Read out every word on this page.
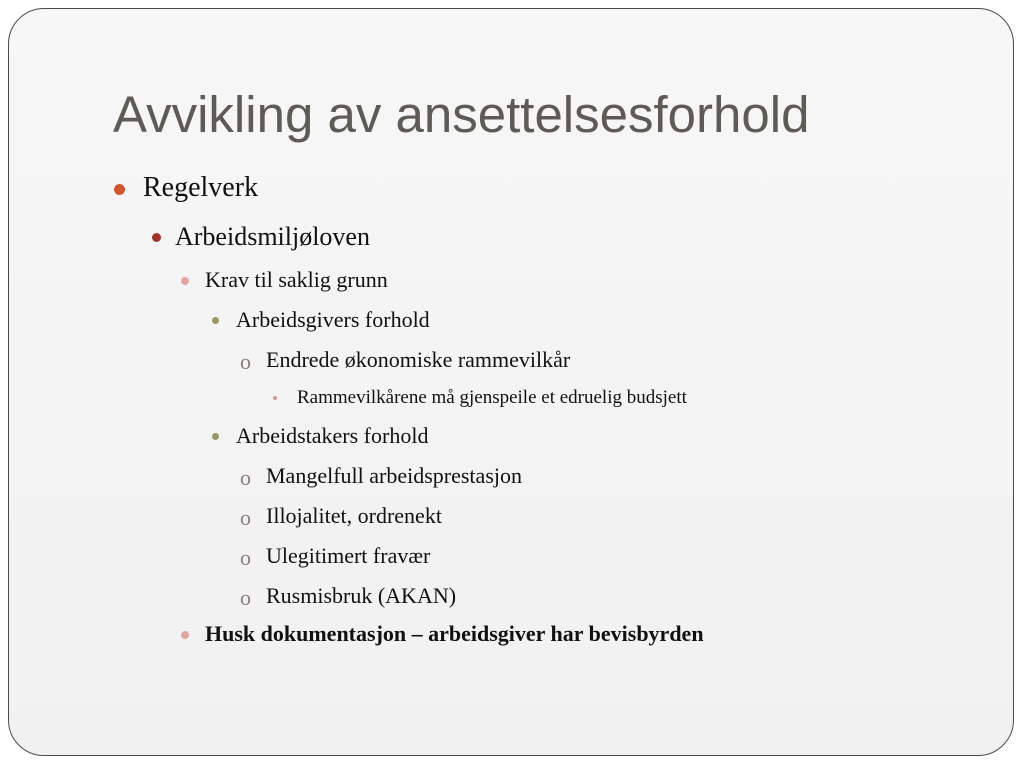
Avvikling av ansettelsesforhold
Regelverk
Arbeidsmiljøloven
Krav til saklig grunn
Arbeidsgivers forhold
o Endrede økonomiske rammevilkår
Rammevilkårene må gjenspeile et edruelig budsjett
Arbeidstakers forhold
o Mangelfull arbeidsprestasjon
o Illojalitet, ordrenekt
o Ulegitimert fravær
o Rusmisbruk (AKAN)
Husk dokumentasjon – arbeidsgiver har bevisbyrden
